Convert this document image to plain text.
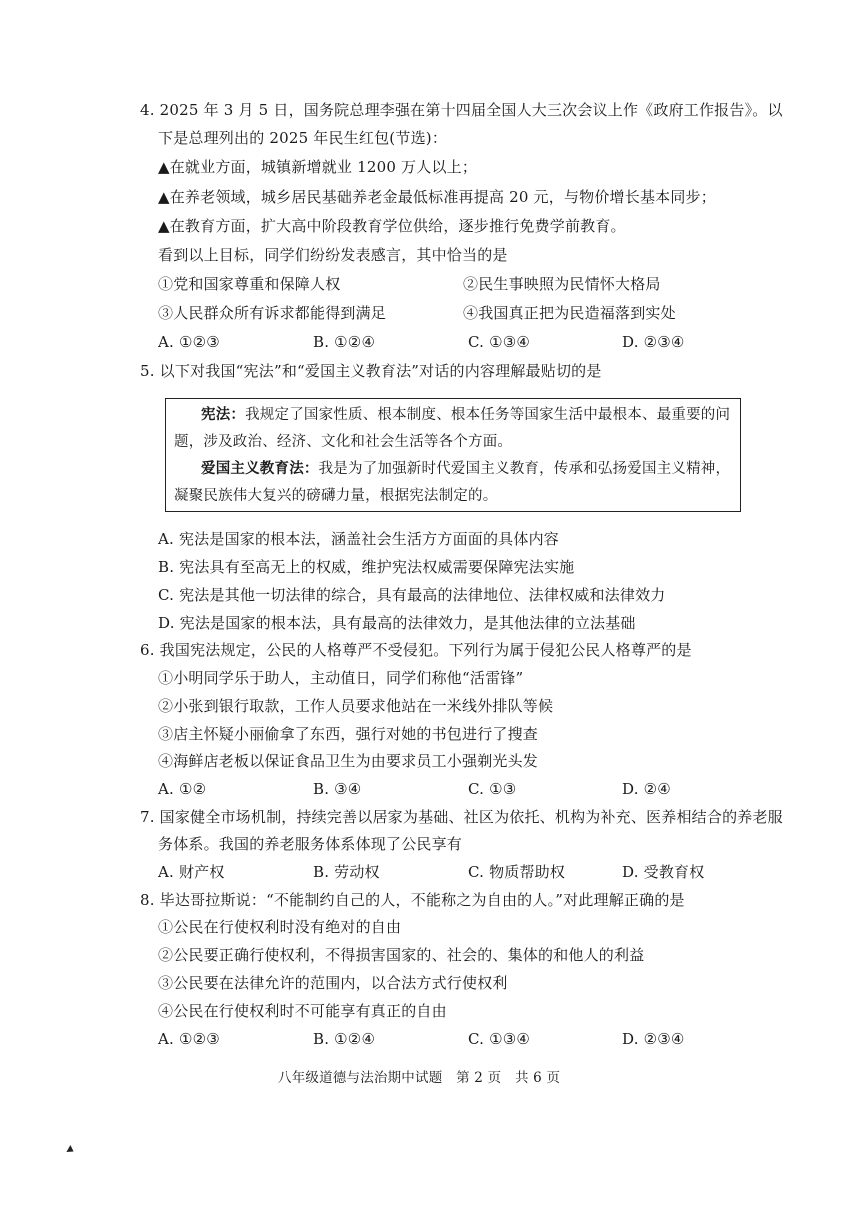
4. 2025 年 3 月 5 日，国务院总理李强在第十四届全国人大三次会议上作《政府工作报告》。以
下是总理列出的 2025 年民生红包(节选)：
▲在就业方面，城镇新增就业 1200 万人以上；
▲在养老领域，城乡居民基础养老金最低标准再提高 20 元，与物价增长基本同步；
▲在教育方面，扩大高中阶段教育学位供给，逐步推行免费学前教育。
看到以上目标，同学们纷纷发表感言，其中恰当的是
①党和国家尊重和保障人权	②民生事映照为民情怀大格局
③人民群众所有诉求都能得到满足	④我国真正把为民造福落到实处
A. ①②③	B. ①②④	C. ①③④	D. ②③④
5. 以下对我国“宪法”和“爱国主义教育法”对话的内容理解最贴切的是
宪法：我规定了国家性质、根本制度、根本任务等国家生活中最根本、最重要的问
题，涉及政治、经济、文化和社会生活等各个方面。
爱国主义教育法：我是为了加强新时代爱国主义教育，传承和弘扬爱国主义精神，
凝聚民族伟大复兴的磅礴力量，根据宪法制定的。
A. 宪法是国家的根本法，涵盖社会生活方方面面的具体内容
B. 宪法具有至高无上的权威，维护宪法权威需要保障宪法实施
C. 宪法是其他一切法律的综合，具有最高的法律地位、法律权威和法律效力
D. 宪法是国家的根本法，具有最高的法律效力，是其他法律的立法基础
6. 我国宪法规定，公民的人格尊严不受侵犯。下列行为属于侵犯公民人格尊严的是
①小明同学乐于助人，主动值日，同学们称他“活雷锋”
②小张到银行取款，工作人员要求他站在一米线外排队等候
③店主怀疑小丽偷拿了东西，强行对她的书包进行了搜查
④海鲜店老板以保证食品卫生为由要求员工小强剃光头发
A. ①②	B. ③④	C. ①③	D. ②④
7. 国家健全市场机制，持续完善以居家为基础、社区为依托、机构为补充、医养相结合的养老服
务体系。我国的养老服务体系体现了公民享有
A. 财产权	B. 劳动权	C. 物质帮助权	D. 受教育权
8. 毕达哥拉斯说：“不能制约自己的人，不能称之为自由的人。”对此理解正确的是
①公民在行使权利时没有绝对的自由
②公民要正确行使权利，不得损害国家的、社会的、集体的和他人的利益
③公民要在法律允许的范围内，以合法方式行使权利
④公民在行使权利时不可能享有真正的自由
A. ①②③	B. ①②④	C. ①③④	D. ②③④
八年级道德与法治期中试题　第 2 页　共 6 页
